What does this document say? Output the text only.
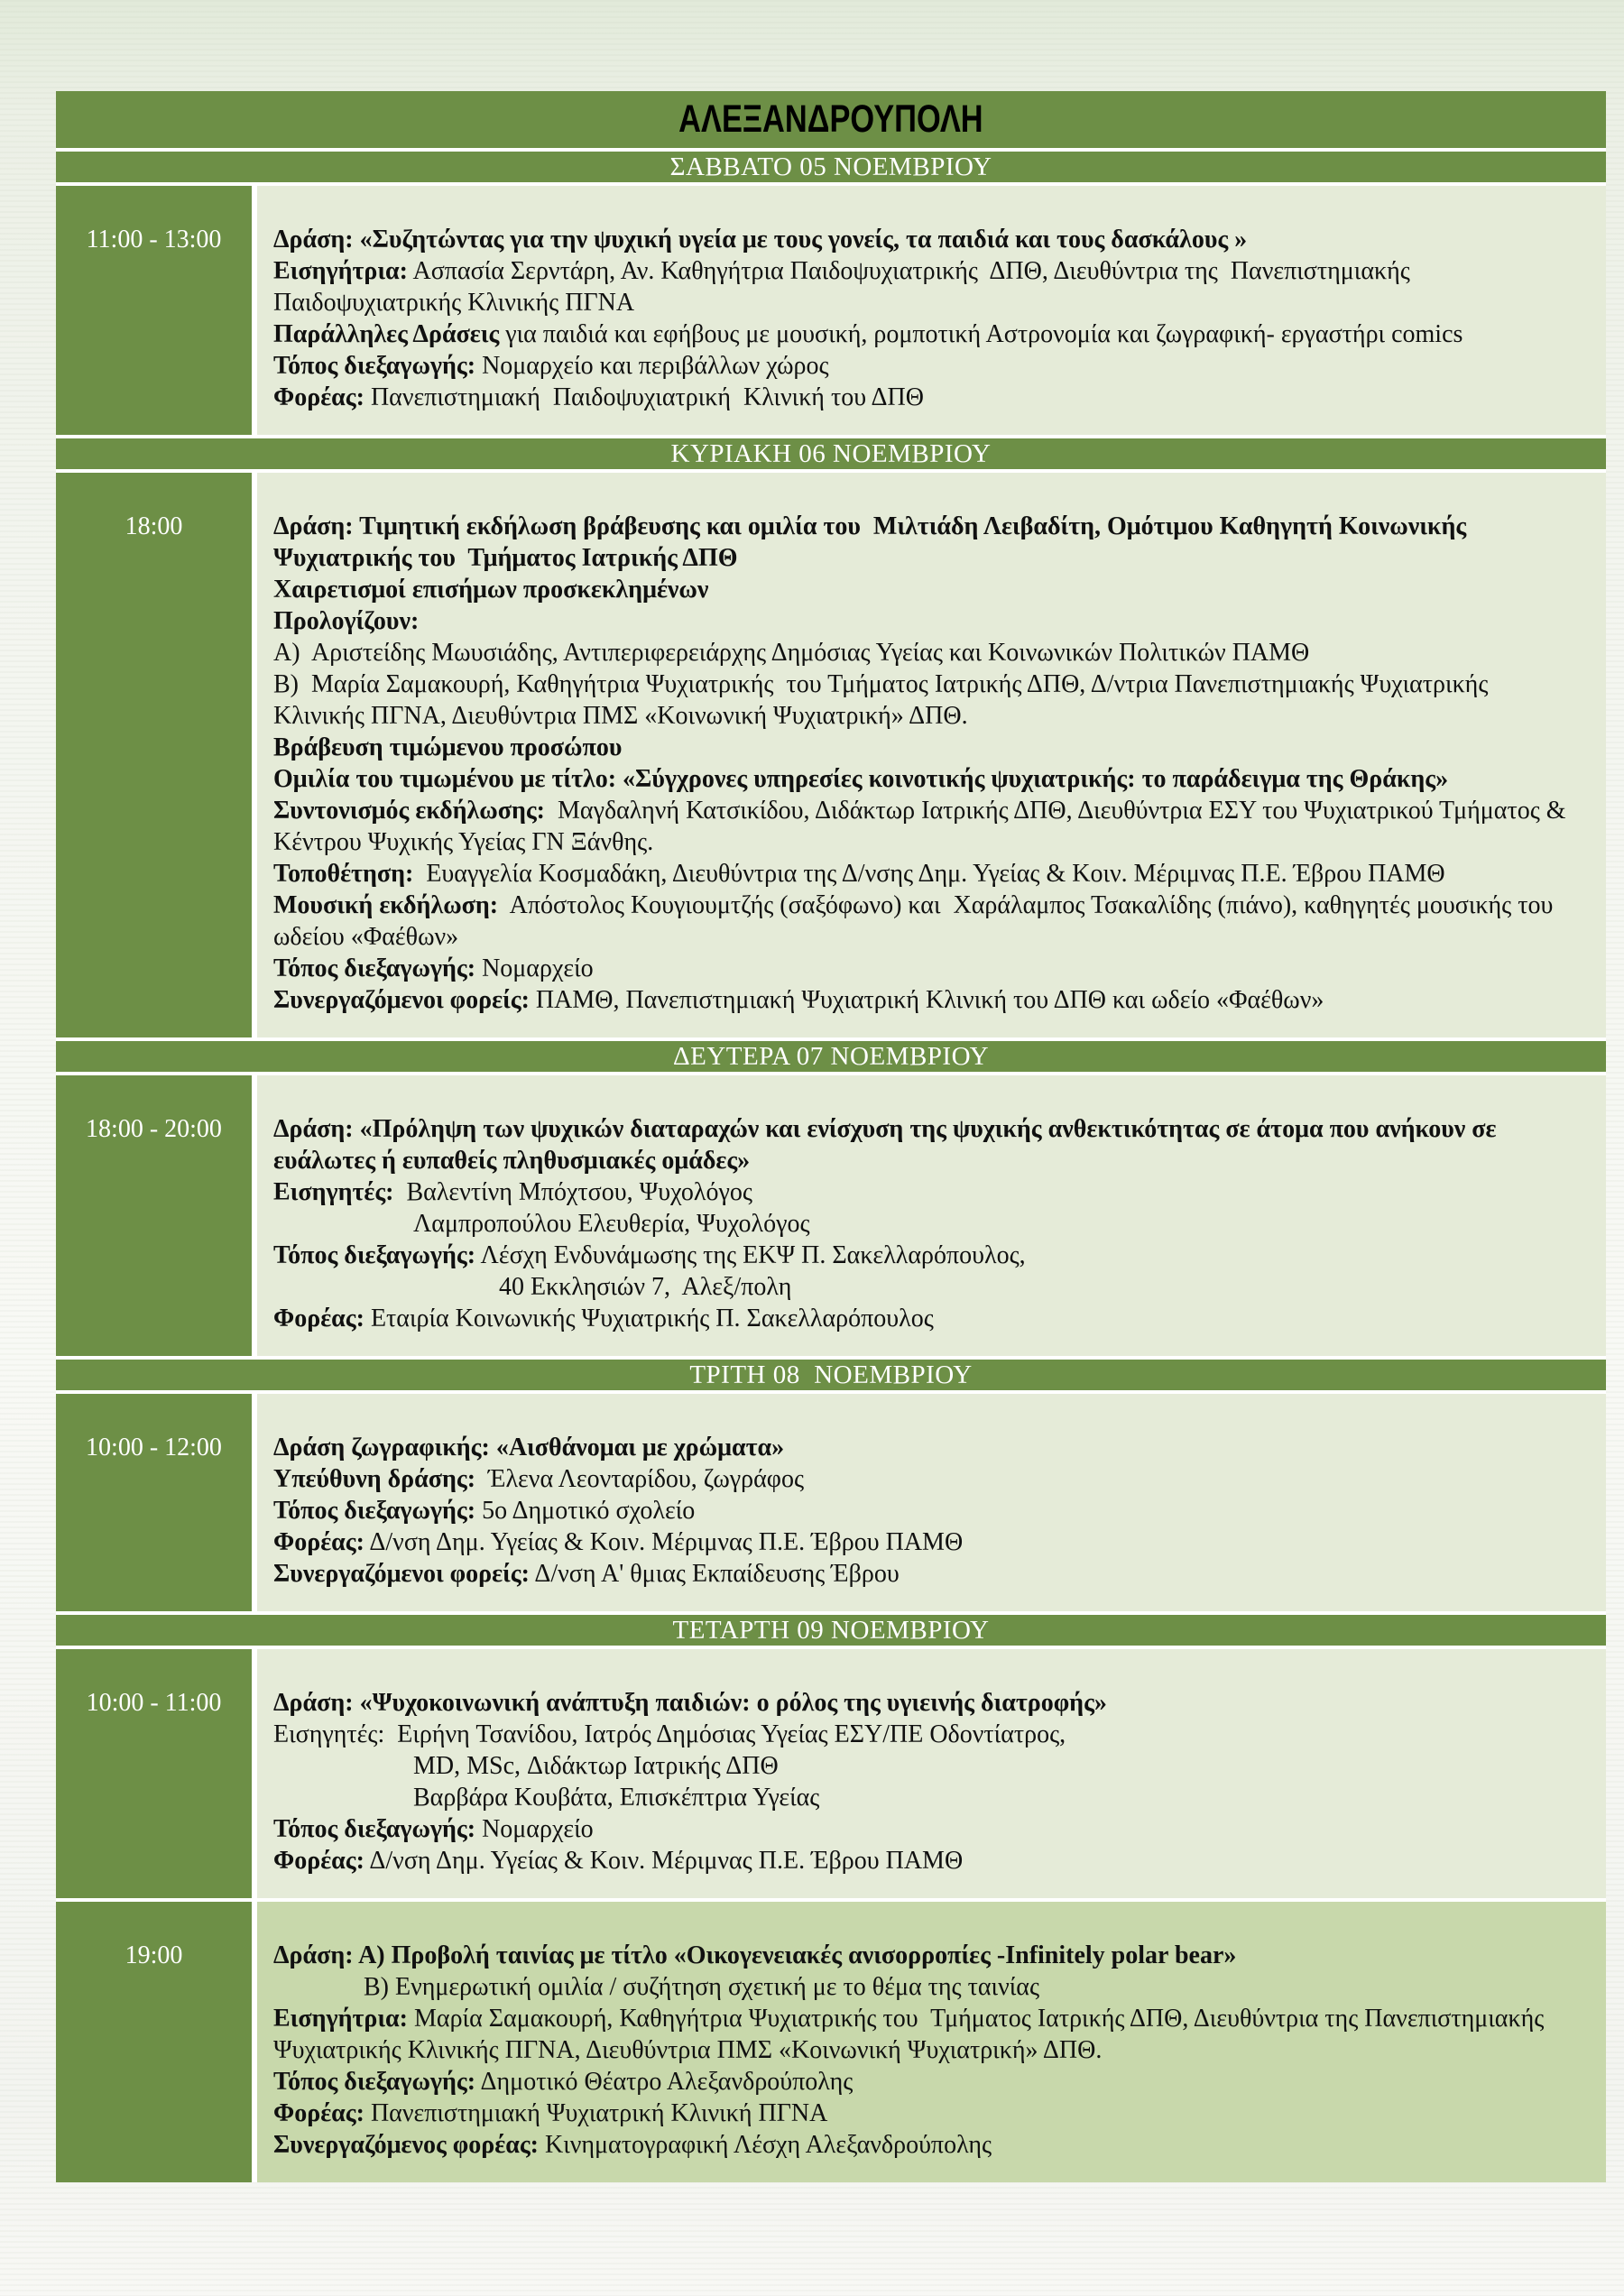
ΑΛΕΞΑΝΔΡΟΥΠΟΛΗ
ΣΑΒΒΑΤΟ 05 ΝΟΕΜΒΡΙΟΥ
11:00 - 13:00	Δράση: «Συζητώντας για την ψυχική υγεία με τους γονείς, τα παιδιά και τους δασκάλους »

Εισηγήτρια: Ασπασία Σερντάρη, Αν. Καθηγήτρια Παιδοψυχιατρικής  ΔΠΘ, Διευθύντρια της  Πανεπιστημιακής Παιδοψυχιατρικής Κλινικής ΠΓΝΑ

Παράλληλες Δράσεις για παιδιά και εφήβους με μουσική, ρομποτική Αστρονομία και ζωγραφική- εργαστήρι comics

Τόπος διεξαγωγής: Νομαρχείο και περιβάλλων χώρος

Φορέας: Πανεπιστημιακή  Παιδοψυχιατρική  Κλινική του ΔΠΘ

ΚΥΡΙΑΚΗ 06 ΝΟΕΜΒΡΙΟΥ
18:00	Δράση: Τιμητική εκδήλωση βράβευσης και ομιλία του  Μιλτιάδη Λειβαδίτη, Ομότιμου Καθηγητή Κοινωνικής Ψυχιατρικής του  Τμήματος Ιατρικής ΔΠΘ

Χαιρετισμοί επισήμων προσκεκλημένων

Προλογίζουν:

Α)  Αριστείδης Μωυσιάδης, Αντιπεριφερειάρχης Δημόσιας Υγείας και Κοινωνικών Πολιτικών ΠΑΜΘ

Β)  Μαρία Σαμακουρή, Καθηγήτρια Ψυχιατρικής  του Τμήματος Ιατρικής ΔΠΘ, Δ/ντρια Πανεπιστημιακής Ψυχιατρικής Κλινικής ΠΓΝΑ, Διευθύντρια ΠΜΣ «Κοινωνική Ψυχιατρική» ΔΠΘ.

Βράβευση τιμώμενου προσώπου

Ομιλία του τιμωμένου με τίτλο: «Σύγχρονες υπηρεσίες κοινοτικής ψυχιατρικής: το παράδειγμα της Θράκης»

Συντονισμός εκδήλωσης:  Μαγδαληνή Κατσικίδου, Διδάκτωρ Ιατρικής ΔΠΘ, Διευθύντρια ΕΣΥ του Ψυχιατρικού Τμήματος & Κέντρου Ψυχικής Υγείας ΓΝ Ξάνθης.

Τοποθέτηση:  Ευαγγελία Κοσμαδάκη, Διευθύντρια της Δ/νσης Δημ. Υγείας & Κοιν. Μέριμνας Π.Ε. Έβρου ΠΑΜΘ

Μουσική εκδήλωση:  Απόστολος Κουγιουμτζής (σαξόφωνο) και  Χαράλαμπος Τσακαλίδης (πιάνο), καθηγητές μουσικής του ωδείου «Φαέθων»

Τόπος διεξαγωγής: Νομαρχείο

Συνεργαζόμενοι φορείς: ΠΑΜΘ, Πανεπιστημιακή Ψυχιατρική Κλινική του ΔΠΘ και ωδείο «Φαέθων»

ΔΕΥΤΕΡΑ 07 ΝΟΕΜΒΡΙΟΥ
18:00 - 20:00	Δράση: «Πρόληψη των ψυχικών διαταραχών και ενίσχυση της ψυχικής ανθεκτικότητας σε άτομα που ανήκουν σε ευάλωτες ή ευπαθείς πληθυσμιακές ομάδες»

Εισηγητές:  Βαλεντίνη Μπόχτσου, Ψυχολόγος

Λαμπροπούλου Ελευθερία, Ψυχολόγος

Τόπος διεξαγωγής: Λέσχη Ενδυνάμωσης της ΕΚΨ Π. Σακελλαρόπουλος,

40 Εκκλησιών 7,  Αλεξ/πολη

Φορέας: Εταιρία Κοινωνικής Ψυχιατρικής Π. Σακελλαρόπουλος

ΤΡΙΤΗ 08  ΝΟΕΜΒΡΙΟΥ
10:00 - 12:00	Δράση ζωγραφικής: «Αισθάνομαι με χρώματα»

Υπεύθυνη δράσης:  Έλενα Λεονταρίδου, ζωγράφος

Τόπος διεξαγωγής: 5ο Δημοτικό σχολείο

Φορέας: Δ/νση Δημ. Υγείας & Κοιν. Μέριμνας Π.Ε. Έβρου ΠΑΜΘ

Συνεργαζόμενοι φορείς: Δ/νση Α' θμιας Εκπαίδευσης Έβρου

ΤΕΤΑΡΤΗ 09 ΝΟΕΜΒΡΙΟΥ
10:00 - 11:00	Δράση: «Ψυχοκοινωνική ανάπτυξη παιδιών: ο ρόλος της υγιεινής διατροφής»

Εισηγητές:  Ειρήνη Τσανίδου, Ιατρός Δημόσιας Υγείας ΕΣΥ/ΠΕ Οδοντίατρος,

MD, MSc, Διδάκτωρ Ιατρικής ΔΠΘ

Βαρβάρα Κουβάτα, Επισκέπτρια Υγείας

Τόπος διεξαγωγής: Νομαρχείο

Φορέας: Δ/νση Δημ. Υγείας & Κοιν. Μέριμνας Π.Ε. Έβρου ΠΑΜΘ

19:00	Δράση: Α) Προβολή ταινίας με τίτλο «Οικογενειακές ανισορροπίες -Infinitely polar bear»

Β) Ενημερωτική ομιλία / συζήτηση σχετική με το θέμα της ταινίας

Εισηγήτρια: Μαρία Σαμακουρή, Καθηγήτρια Ψυχιατρικής του  Τμήματος Ιατρικής ΔΠΘ, Διευθύντρια της Πανεπιστημιακής Ψυχιατρικής Κλινικής ΠΓΝΑ, Διευθύντρια ΠΜΣ «Κοινωνική Ψυχιατρική» ΔΠΘ.

Τόπος διεξαγωγής: Δημοτικό Θέατρο Αλεξανδρούπολης

Φορέας: Πανεπιστημιακή Ψυχιατρική Κλινική ΠΓΝΑ

Συνεργαζόμενος φορέας: Κινηματογραφική Λέσχη Αλεξανδρούπολης
